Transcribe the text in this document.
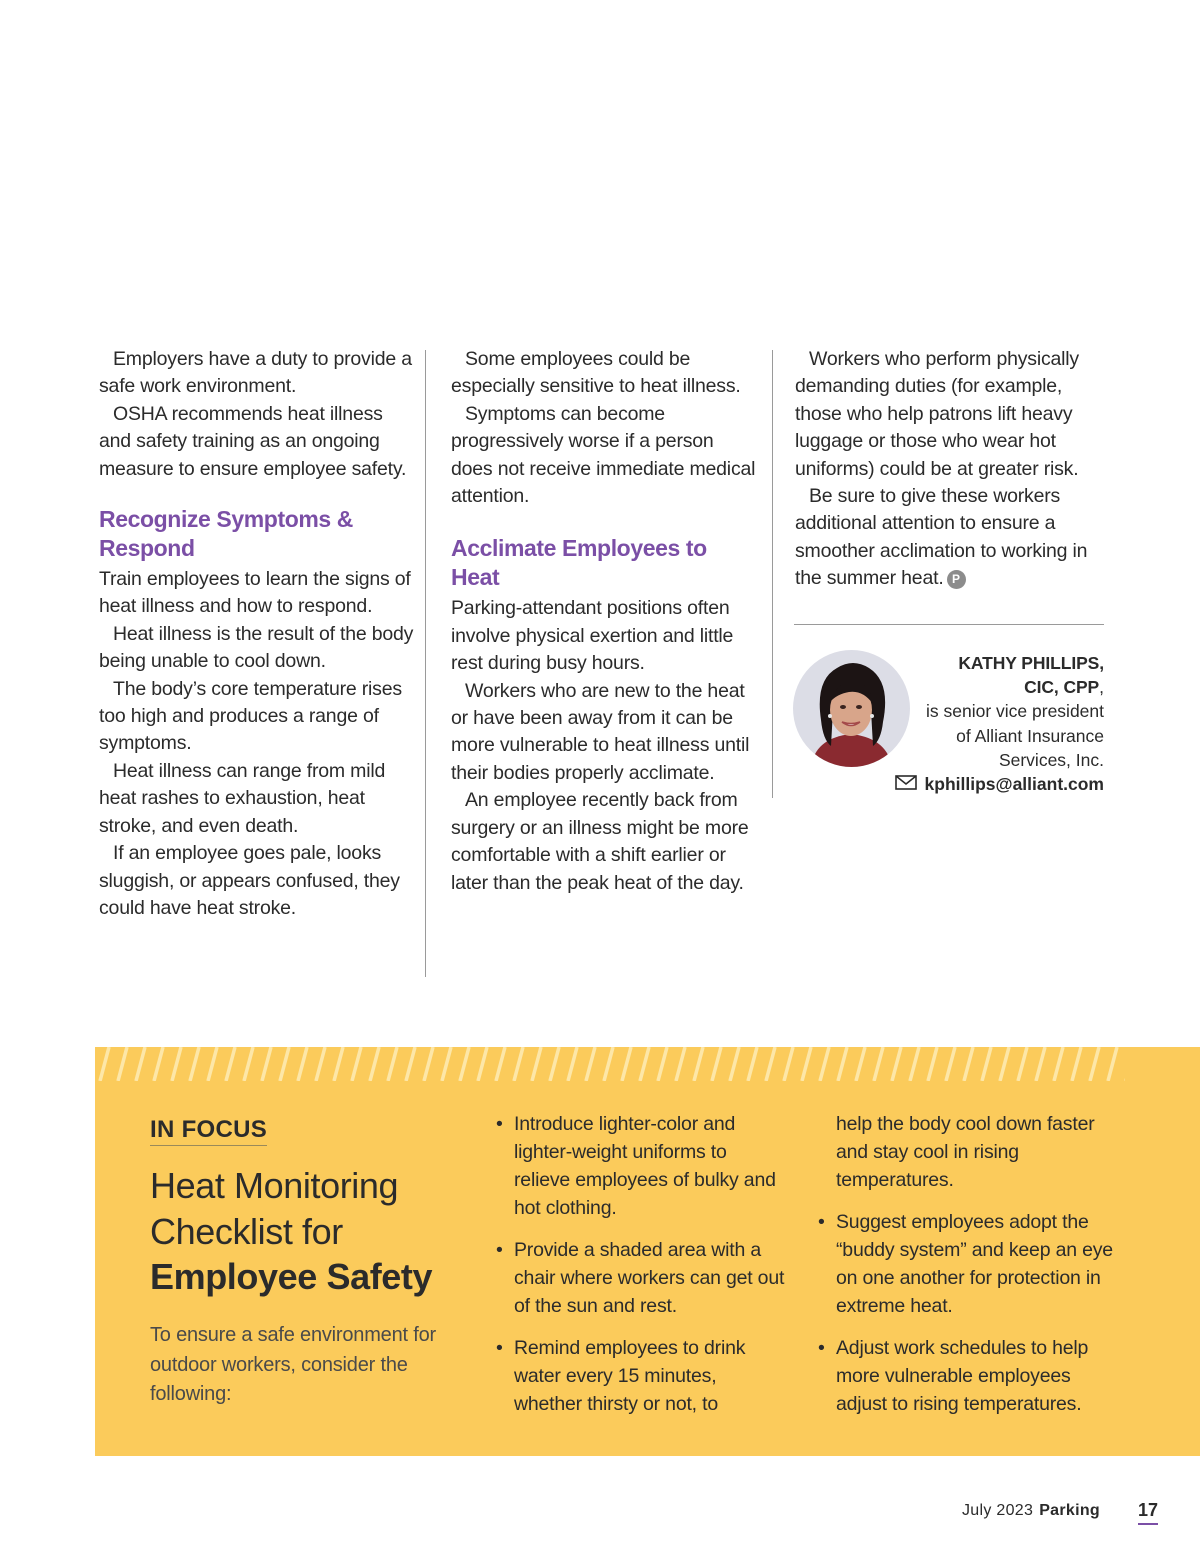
Employers have a duty to provide a safe work environment.

OSHA recommends heat illness and safety training as an ongoing measure to ensure employee safety.

Recognize Symptoms & Respond

Train employees to learn the signs of heat illness and how to respond.

Heat illness is the result of the body being unable to cool down.

The body’s core temperature rises too high and produces a range of symptoms.

Heat illness can range from mild heat rashes to exhaustion, heat stroke, and even death.

If an employee goes pale, looks sluggish, or appears confused, they could have heat stroke.

Some employees could be especially sensitive to heat illness.

Symptoms can become progressively worse if a person does not receive immediate medical attention.

Acclimate Employees to Heat

Parking-attendant positions often involve physical exertion and little rest during busy hours.

Workers who are new to the heat or have been away from it can be more vulnerable to heat illness until their bodies properly acclimate.

An employee recently back from surgery or an illness might be more comfortable with a shift earlier or later than the peak heat of the day.

Workers who perform physically demanding duties (for example, those who help patrons lift heavy luggage or those who wear hot uniforms) could be at greater risk.

Be sure to give these workers additional attention to ensure a smoother acclimation to working in the summer heat. P

KATHY PHILLIPS,
CIC, CPP,
is senior vice president
of Alliant Insurance
Services, Inc.
kphillips@alliant.com
IN FOCUS
Heat Monitoring
Checklist for
Employee Safety
To ensure a safe environment for outdoor workers, consider the following:
• Introduce lighter-color and lighter-weight uniforms to relieve employees of bulky and hot clothing.
• Provide a shaded area with a chair where workers can get out of the sun and rest.
• Remind employees to drink water every 15 minutes, whether thirsty or not, to
help the body cool down faster and stay cool in rising temperatures.
• Suggest employees adopt the “buddy system” and keep an eye on one another for protection in extreme heat.
• Adjust work schedules to help more vulnerable employees adjust to rising temperatures.
July 2023 Parking 17
